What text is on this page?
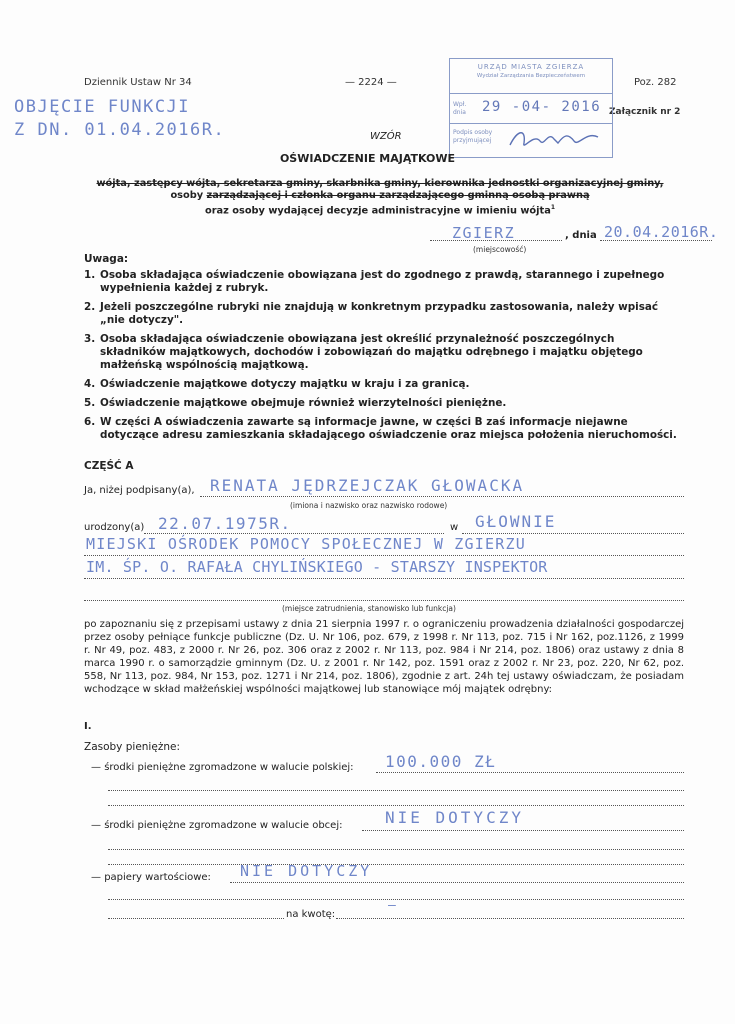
Dziennik Ustaw Nr 34	— 2224 —	Poz. 282
Załącznik nr 2
OBJĘCIE FUNKCJI
Z DN. 01.04.2016R.
URZĄD MIASTA ZGIERZA
Wydział Zarządzania Bezpieczeństwem
Wpł. dnia	29 -04- 2016
Podpis osoby przyjmującej
WZÓR
OŚWIADCZENIE MAJĄTKOWE
wójta, zastępcy wójta, sekretarza gminy, skarbnika gminy, kierownika jednostki organizacyjnej gminy,
osoby zarządzającej i członka organu zarządzającego gminną osobą prawną
oraz osoby wydającej decyzje administracyjne w imieniu wójta$^1$
ZGIERZ	, dnia 20.04.2016R.
(miejscowość)
Uwaga:
1. Osoba składająca oświadczenie obowiązana jest do zgodnego z prawdą, starannego i zupełnego wypełnienia każdej z rubryk.
2. Jeżeli poszczególne rubryki nie znajdują w konkretnym przypadku zastosowania, należy wpisać „nie dotyczy".
3. Osoba składająca oświadczenie obowiązana jest określić przynależność poszczególnych składników majątkowych, dochodów i zobowiązań do majątku odrębnego i majątku objętego małżeńską wspólnością majątkową.
4. Oświadczenie majątkowe dotyczy majątku w kraju i za granicą.
5. Oświadczenie majątkowe obejmuje również wierzytelności pieniężne.
6. W części A oświadczenia zawarte są informacje jawne, w części B zaś informacje niejawne dotyczące adresu zamieszkania składającego oświadczenie oraz miejsca położenia nieruchomości.
CZĘŚĆ A
Ja, niżej podpisany(a), RENATA JĘDRZEJCZAK GŁOWACKA
(imiona i nazwisko oraz nazwisko rodowe)
urodzony(a) 22.07.1975R.	w GŁOWNIE
MIEJSKI OŚRODEK POMOCY SPOŁECZNEJ W ZGIERZU
IM. ŚP. O. RAFAŁA CHYLIŃSKIEGO - STARSZY INSPEKTOR
(miejsce zatrudnienia, stanowisko lub funkcja)
po zapoznaniu się z przepisami ustawy z dnia 21 sierpnia 1997 r. o ograniczeniu prowadzenia działalności gospodarczej przez osoby pełniące funkcje publiczne (Dz. U. Nr 106, poz. 679, z 1998 r. Nr 113, poz. 715 i Nr 162, poz.1126, z 1999 r. Nr 49, poz. 483, z 2000 r. Nr 26, poz. 306 oraz z 2002 r. Nr 113, poz. 984 i Nr 214, poz. 1806) oraz ustawy z dnia 8 marca 1990 r. o samorządzie gminnym (Dz. U. z 2001 r. Nr 142, poz. 1591 oraz z 2002 r. Nr 23, poz. 220, Nr 62, poz. 558, Nr 113, poz. 984, Nr 153, poz. 1271 i Nr 214, poz. 1806), zgodnie z art. 24h tej ustawy oświadczam, że posiadam wchodzące w skład małżeńskiej wspólności majątkowej lub stanowiące mój majątek odrębny:
I.
Zasoby pieniężne:
— środki pieniężne zgromadzone w walucie polskiej: 100.000 ZŁ
— środki pieniężne zgromadzone w walucie obcej:	NIE DOTYCZY
— papiery wartościowe: NIE DOTYCZY
na kwotę:
—
